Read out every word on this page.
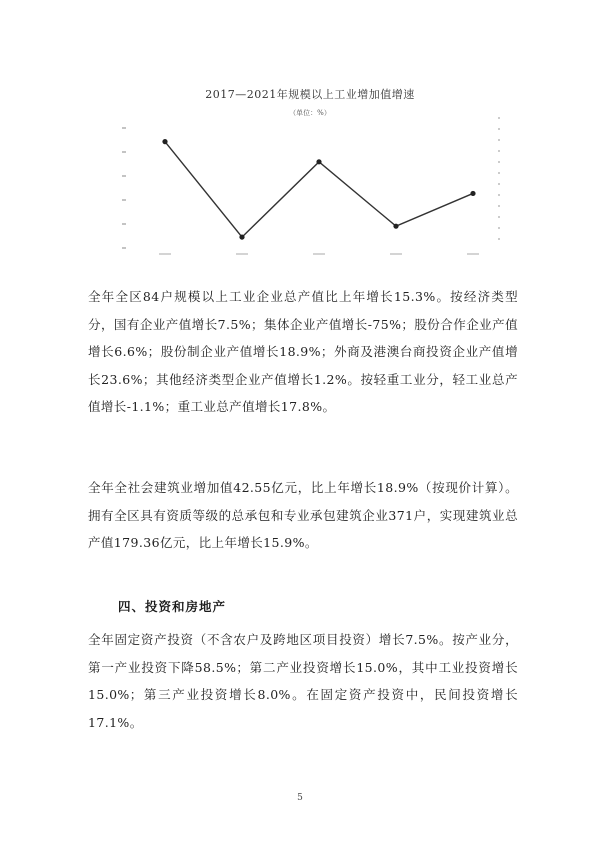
2017—2021年规模以上工业增加值增速
（单位：%）
全年全区84户规模以上工业企业总产值比上年增长15.3%。按经济类型分，国有企业产值增长7.5%；集体企业产值增长-75%；股份合作企业产值增长6.6%；股份制企业产值增长18.9%；外商及港澳台商投资企业产值增长23.6%；其他经济类型企业产值增长1.2%。按轻重工业分，轻工业总产值增长-1.1%；重工业总产值增长17.8%。
全年全社会建筑业增加值42.55亿元，比上年增长18.9%（按现价计算）。拥有全区具有资质等级的总承包和专业承包建筑企业371户，实现建筑业总产值179.36亿元，比上年增长15.9%。
四、投资和房地产
全年固定资产投资（不含农户及跨地区项目投资）增长7.5%。按产业分，第一产业投资下降58.5%；第二产业投资增长15.0%，其中工业投资增长15.0%；第三产业投资增长8.0%。在固定资产投资中，民间投资增长17.1%。
5
